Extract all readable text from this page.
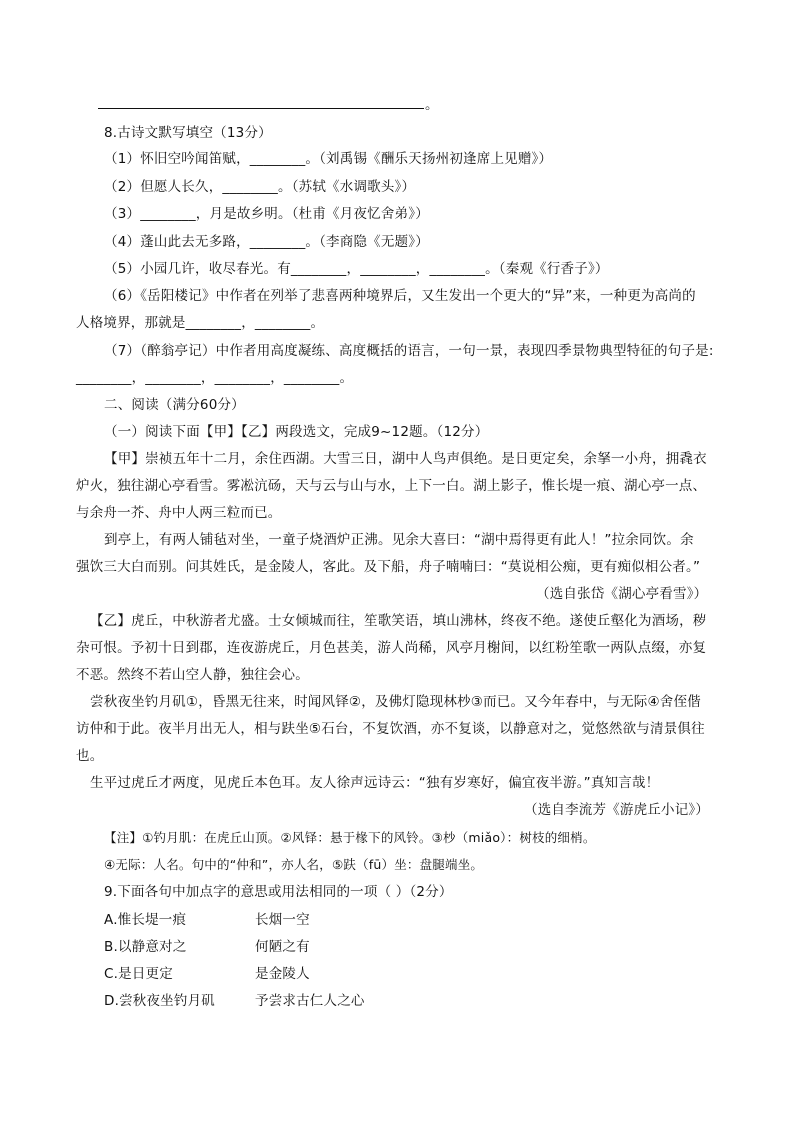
。
8.古诗文默写填空（13分）
（1）怀旧空吟闻笛赋，________。（刘禹锡《酬乐天扬州初逢席上见赠》）
（2）但愿人长久，________。（苏轼《水调歌头》）
（3）________，月是故乡明。（杜甫《月夜忆舍弟》）
（4）蓬山此去无多路，________。（李商隐《无题》）
（5）小园几许，收尽春光。有________，________，________。（秦观《行香子》）
（6）《岳阳楼记》中作者在列举了悲喜两种境界后，又生发出一个更大的“异”来，一种更为高尚的
人格境界，那就是________，________。
（7）（醉翁亭记）中作者用高度凝练、高度概括的语言，一句一景，表现四季景物典型特征的句子是:
________，________，________，________。
二、阅读（满分60分）
（一）阅读下面【甲】【乙】两段选文，完成9~12题。（12分）
【甲】崇祯五年十二月，余住西湖。大雪三日，湖中人鸟声俱绝。是日更定矣，余拏一小舟，拥毳衣
炉火，独往湖心亭看雪。雾凇沆砀，天与云与山与水，上下一白。湖上影子，惟长堤一痕、湖心亭一点、
与余舟一芥、舟中人两三粒而已。
到亭上，有两人铺毡对坐，一童子烧酒炉正沸。见余大喜曰：“湖中焉得更有此人！”拉余同饮。余
强饮三大白而别。问其姓氏，是金陵人，客此。及下船，舟子喃喃曰：“莫说相公痴，更有痴似相公者。”
（选自张岱《湖心亭看雪》）
【乙】虎丘，中秋游者尤盛。士女倾城而往，笙歌笑语，填山沸林，终夜不绝。遂使丘壑化为酒场，秽
杂可恨。予初十日到郡，连夜游虎丘，月色甚美，游人尚稀，风亭月榭间，以红粉笙歌一两队点缀，亦复
不恶。然终不若山空人静，独往会心。
尝秋夜坐钓月矶①，昏黑无往来，时闻风铎②，及佛灯隐现林杪③而已。又今年春中，与无际④舍侄偕
访仲和于此。夜半月出无人，相与趺坐⑤石台，不复饮酒，亦不复谈，以静意对之，觉悠然欲与清景俱往
也。
生平过虎丘才两度，见虎丘本色耳。友人徐声远诗云：“独有岁寒好，偏宜夜半游。”真知言哉！
（选自李流芳《游虎丘小记》）
【注】①钓月肌：在虎丘山顶。②风铎：悬于椽下的风铃。③杪（miǎo）：树枝的细梢。
④无际：人名。句中的“仲和”，亦人名，⑤趺（fū）坐：盘腿端坐。
9.下面各句中加点字的意思或用法相同的一项（ ）（2分）
A.惟长堤一痕	长烟一空
B.以静意对之	何陋之有
C.是日更定	是金陵人
D.尝秋夜坐钓月矶	予尝求古仁人之心
